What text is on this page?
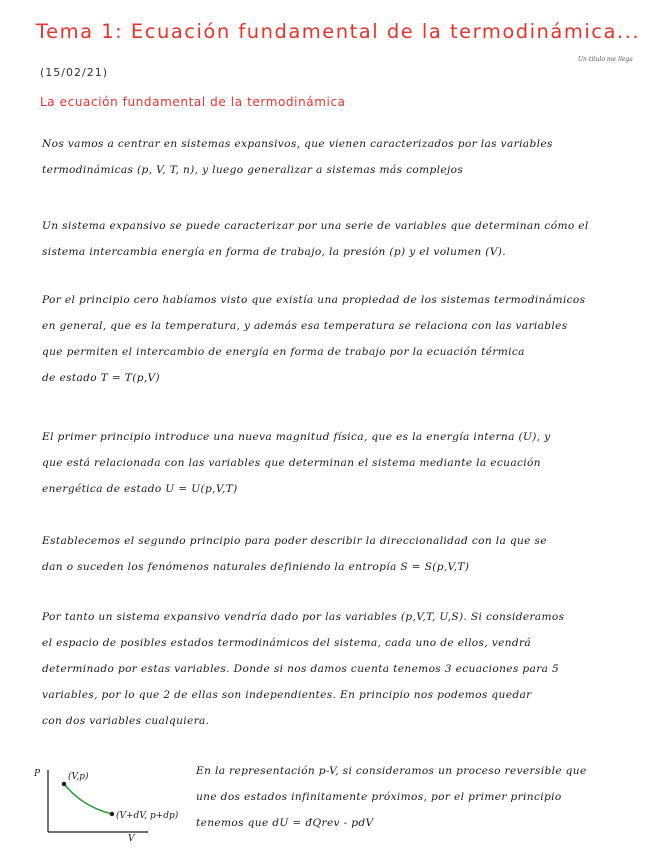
Tema 1: Ecuación fundamental de la termodinámica...
Un título me llega
(15/02/21)
La ecuación fundamental de la termodinámica
Nos vamos a centrar en sistemas expansivos, que vienen caracterizados por las variables
termodinámicas (p, V, T, n), y luego generalizar a sistemas más complejos
Un sistema expansivo se puede caracterizar por una serie de variables que determinan cómo el
sistema intercambia energía en forma de trabajo, la presión (p) y el volumen (V).
Por el principio cero habíamos visto que existía una propiedad de los sistemas termodinámicos
en general, que es la temperatura, y además esa temperatura se relaciona con las variables
que permiten el intercambio de energía en forma de trabajo por la ecuación térmica
de estado T = T(p,V)
El primer principio introduce una nueva magnitud física, que es la energía interna (U), y
que está relacionada con las variables que determinan el sistema mediante la ecuación
energética de estado U = U(p,V,T)
Establecemos el segundo principio para poder describir la direccionalidad con la que se
dan o suceden los fenómenos naturales definiendo la entropía S = S(p,V,T)
Por tanto un sistema expansivo vendría dado por las variables (p,V,T, U,S). Si consideramos
el espacio de posibles estados termodinámicos del sistema, cada uno de ellos, vendrá
determinado por estas variables. Donde si nos damos cuenta tenemos 3 ecuaciones para 5
variables, por lo que 2 de ellas son independientes. En principio nos podemos quedar
con dos variables cualquiera.
P
V
(V,p)
(V+dV, p+dp)
En la representación p-V, si consideramos un proceso reversible que
une dos estados infinitamente próximos, por el primer principio
tenemos que dU = đQrev - pdV
